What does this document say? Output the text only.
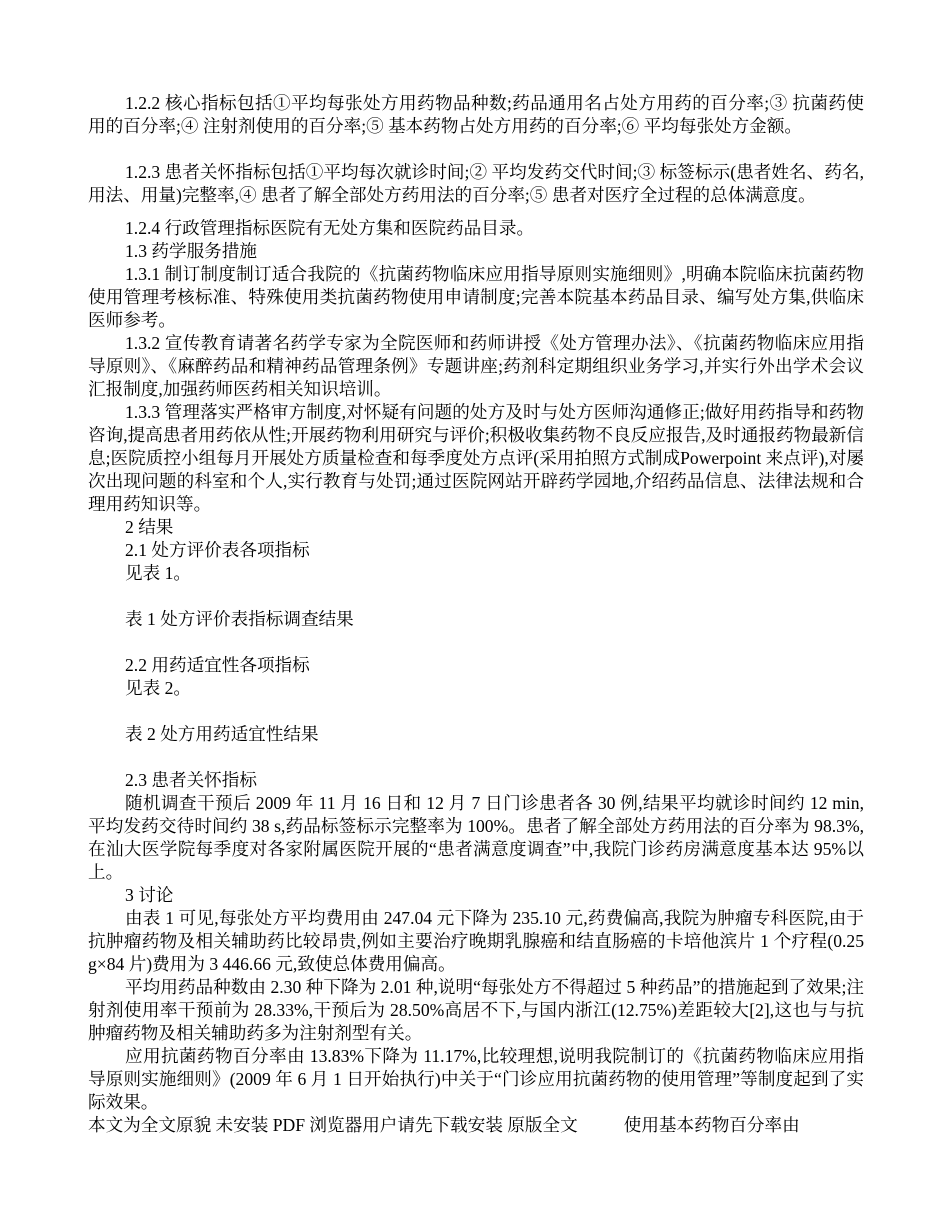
1.2.2 核心指标包括①平均每张处方用药物品种数;药品通用名占处方用药的百分率;③ 抗菌药使用的百分率;④ 注射剂使用的百分率;⑤ 基本药物占处方用药的百分率;⑥ 平均每张处方金额。

1.2.3 患者关怀指标包括①平均每次就诊时间;② 平均发药交代时间;③ 标签标示(患者姓名、药名,用法、用量)完整率,④ 患者了解全部处方药用法的百分率;⑤ 患者对医疗全过程的总体满意度。

1.2.4 行政管理指标医院有无处方集和医院药品目录。

1.3 药学服务措施

1.3.1 制订制度制订适合我院的《抗菌药物临床应用指导原则实施细则》,明确本院临床抗菌药物使用管理考核标准、特殊使用类抗菌药物使用申请制度;完善本院基本药品目录、编写处方集,供临床医师参考。

1.3.2 宣传教育请著名药学专家为全院医师和药师讲授《处方管理办法》、《抗菌药物临床应用指导原则》、《麻醉药品和精神药品管理条例》专题讲座;药剂科定期组织业务学习,并实行外出学术会议汇报制度,加强药师医药相关知识培训。

1.3.3 管理落实严格审方制度,对怀疑有问题的处方及时与处方医师沟通修正;做好用药指导和药物咨询,提高患者用药依从性;开展药物利用研究与评价;积极收集药物不良反应报告,及时通报药物最新信息;医院质控小组每月开展处方质量检查和每季度处方点评(采用拍照方式制成Powerpoint 来点评),对屡次出现问题的科室和个人,实行教育与处罚;通过医院网站开辟药学园地,介绍药品信息、法律法规和合理用药知识等。

2 结果

2.1 处方评价表各项指标

见表 1。

表 1 处方评价表指标调查结果

2.2 用药适宜性各项指标

见表 2。

表 2 处方用药适宜性结果

2.3 患者关怀指标

随机调查干预后 2009 年 11 月 16 日和 12 月 7 日门诊患者各 30 例,结果平均就诊时间约 12 min,平均发药交待时间约 38 s,药品标签标示完整率为 100%。患者了解全部处方药用法的百分率为 98.3%,在汕大医学院每季度对各家附属医院开展的“患者满意度调查”中,我院门诊药房满意度基本达 95%以上。

3 讨论

由表 1 可见,每张处方平均费用由 247.04 元下降为 235.10 元,药费偏高,我院为肿瘤专科医院,由于抗肿瘤药物及相关辅助药比较昂贵,例如主要治疗晚期乳腺癌和结直肠癌的卡培他滨片 1 个疗程(0.25 g×84 片)费用为 3 446.66 元,致使总体费用偏高。

平均用药品种数由 2.30 种下降为 2.01 种,说明“每张处方不得超过 5 种药品”的措施起到了效果;注射剂使用率干预前为 28.33%,干预后为 28.50%高居不下,与国内浙江(12.75%)差距较大[2],这也与与抗肿瘤药物及相关辅助药多为注射剂型有关。

应用抗菌药物百分率由 13.83%下降为 11.17%,比较理想,说明我院制订的《抗菌药物临床应用指导原则实施细则》(2009 年 6 月 1 日开始执行)中关于“门诊应用抗菌药物的使用管理”等制度起到了实际效果。

本文为全文原貌 未安装 PDF 浏览器用户请先下载安装 原版全文	使用基本药物百分率由
